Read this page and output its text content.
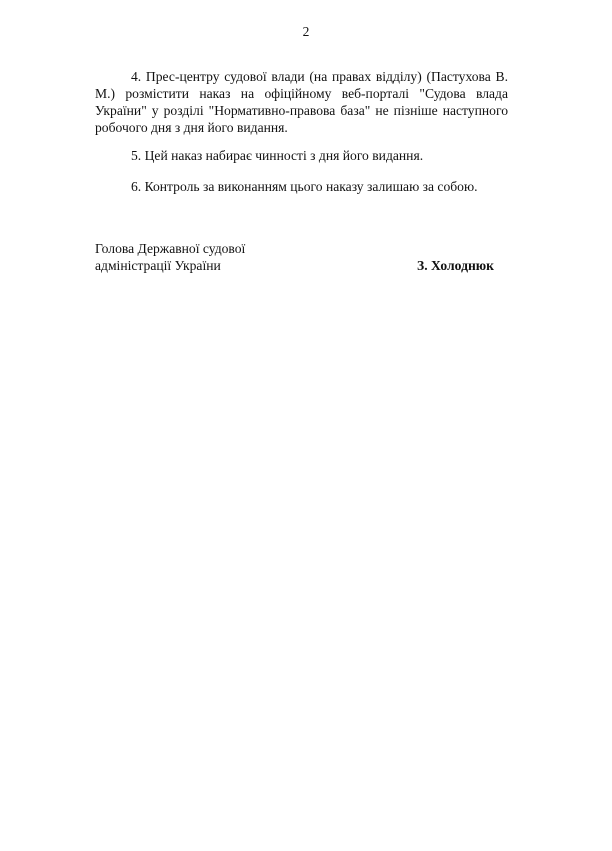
2

4. Прес-центру судової влади (на правах відділу) (Пастухова В. М.) розмістити наказ на офіційному веб-порталі "Судова влада України" у розділі "Нормативно-правова база" не пізніше наступного робочого дня з дня його видання.

5. Цей наказ набирає чинності з дня його видання.

6. Контроль за виконанням цього наказу залишаю за собою.

Голова Державної судової
адміністрації України	З. Холоднюк
